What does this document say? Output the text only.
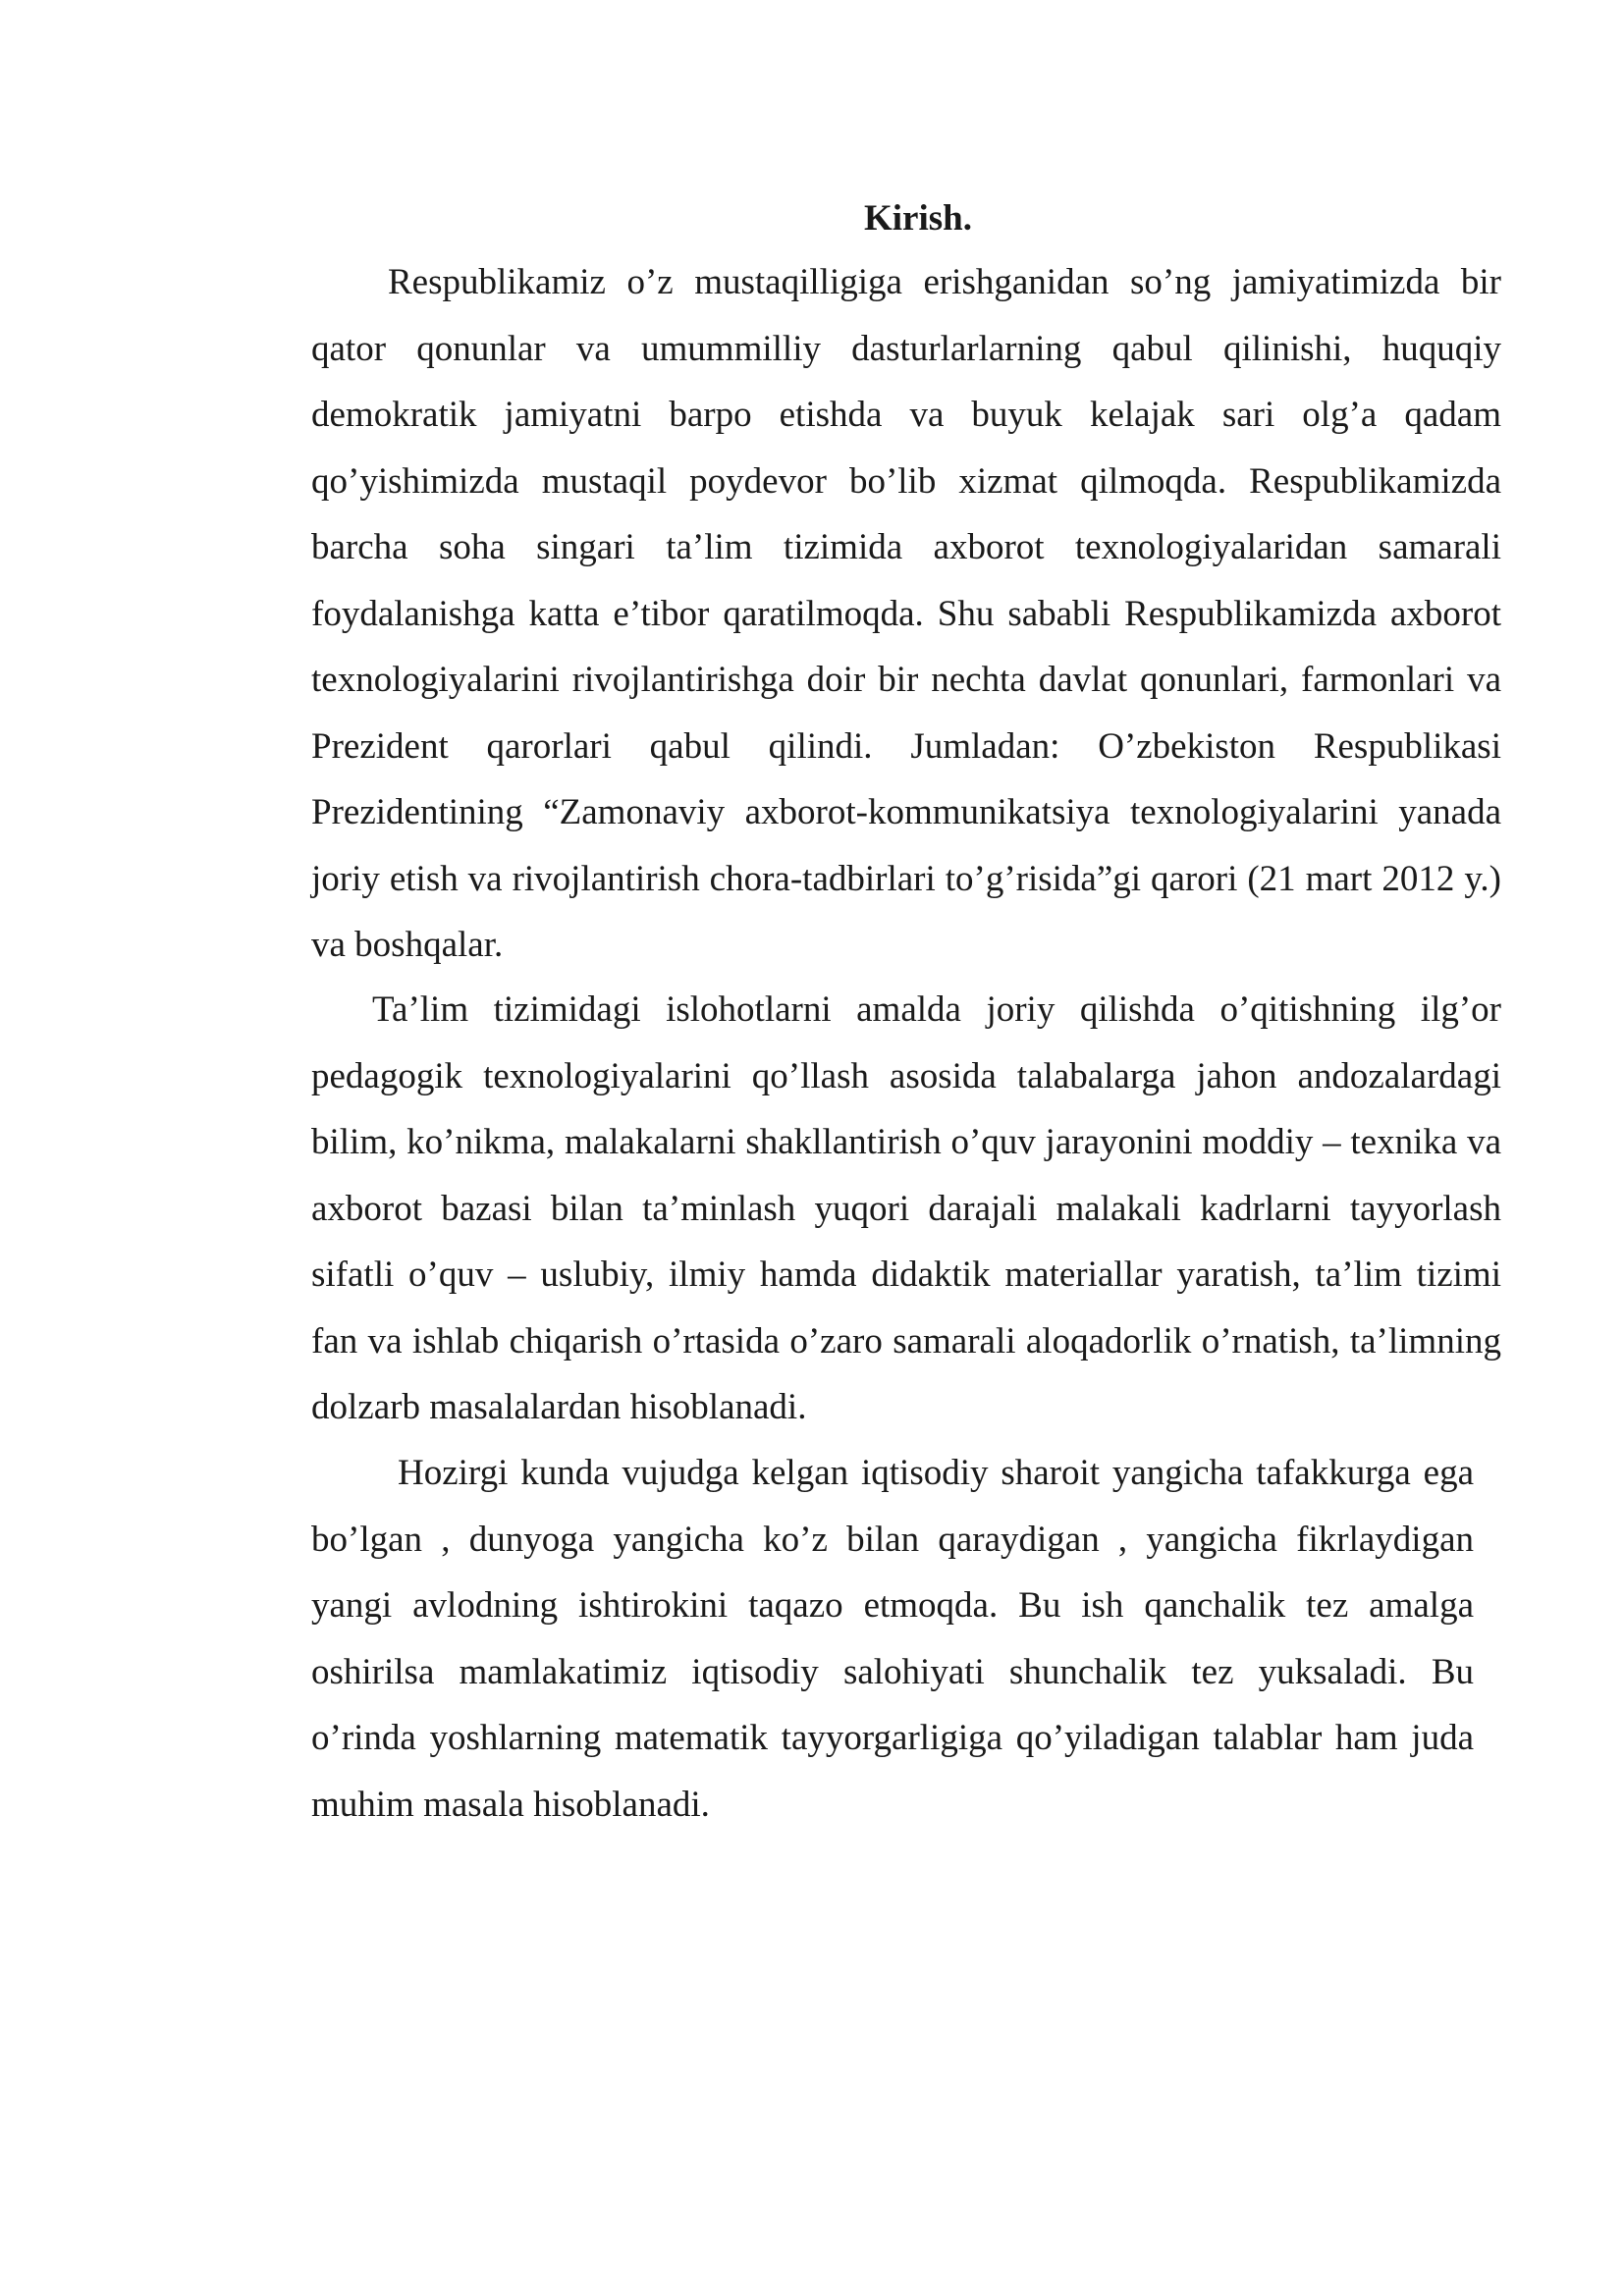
Kirish.

Respublikamiz o’z mustaqilligiga erishganidan so’ng jamiyatimizda bir qator qonunlar va umummilliy dasturlarlarning qabul qilinishi, huquqiy demokratik jamiyatni barpo etishda va buyuk kelajak sari olg’a qadam qo’yishimizda mustaqil poydevor bo’lib xizmat qilmoqda. Respublikamizda barcha soha singari ta’lim tizimida axborot texnologiyalaridan samarali foydalanishga katta e’tibor qaratilmoqda. Shu sababli Respublikamizda axborot texnologiyalarini rivojlantirishga doir bir nechta davlat qonunlari, farmonlari va Prezident qarorlari qabul qilindi. Jumladan: O’zbekiston Respublikasi Prezidentining “Zamonaviy axborot-kommunikatsiya texnologiyalarini yanada joriy etish va rivojlantirish chora-tadbirlari to’g’risida”gi qarori (21 mart 2012 y.) va boshqalar.

Ta’lim tizimidagi islohotlarni amalda joriy qilishda o’qitishning ilg’or pedagogik texnologiyalarini qo’llash asosida talabalarga jahon andozalardagi bilim, ko’nikma, malakalarni shakllantirish o’quv jarayonini moddiy – texnika va axborot bazasi bilan ta’minlash yuqori darajali malakali kadrlarni tayyorlash sifatli o’quv – uslubiy, ilmiy hamda didaktik materiallar yaratish, ta’lim tizimi fan va ishlab chiqarish o’rtasida o’zaro samarali aloqadorlik o’rnatish, ta’limning dolzarb masalalardan hisoblanadi.

Hozirgi kunda vujudga kelgan iqtisodiy sharoit yangicha tafakkurga ega bo’lgan , dunyoga yangicha ko’z bilan qaraydigan , yangicha fikrlaydigan yangi avlodning ishtirokini taqazo etmoqda. Bu ish qanchalik tez amalga oshirilsa mamlakatimiz iqtisodiy salohiyati shunchalik tez yuksaladi. Bu o’rinda yoshlarning matematik tayyorgarligiga qo’yiladigan talablar ham juda muhim masala hisoblanadi.
